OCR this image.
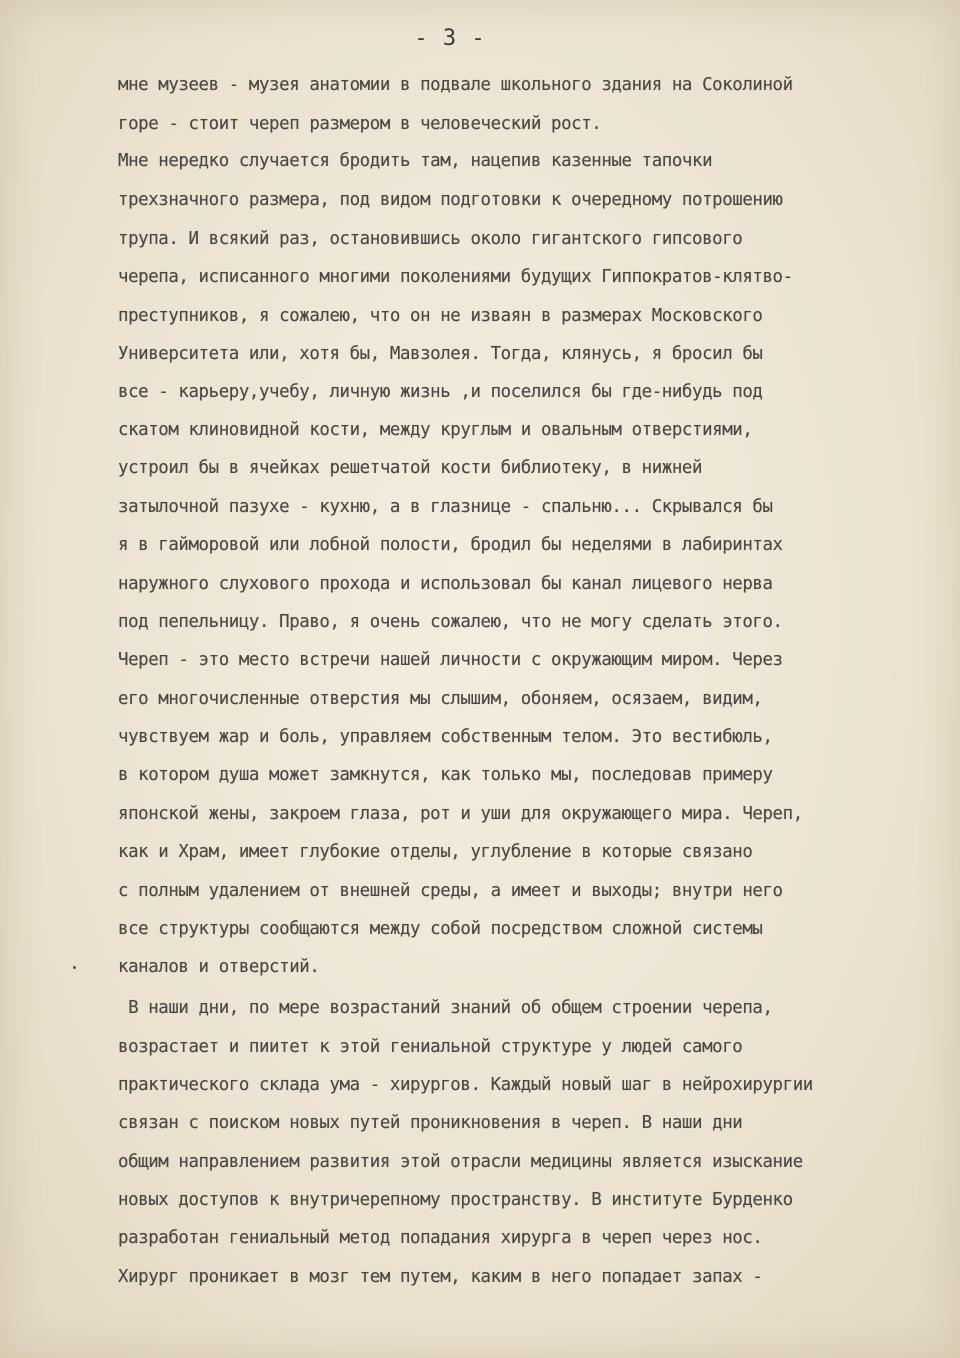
- 3 -
мне музеев - музея анатомии в подвале школьного здания на Соколиной
горе - стоит череп размером в человеческий рост.
Мне нередко случается бродить там, нацепив казенные тапочки
трехзначного размера, под видом подготовки к очередному потрошению
трупа. И всякий раз, остановившись около гигантского гипсового
черепа, исписанного многими поколениями будущих Гиппократов-клятво-
преступников, я сожалею, что он не изваян в размерах Московского
Университета или, хотя бы, Мавзолея. Тогда, клянусь, я бросил бы
все - карьеру,учебу, личную жизнь ,и поселился бы где-нибудь под
скатом клиновидной кости, между круглым и овальным отверстиями,
устроил бы в ячейках решетчатой кости библиотеку, в нижней
затылочной пазухе - кухню, а в глазнице - спальню... Скрывался бы
я в гайморовой или лобной полости, бродил бы неделями в лабиринтах
наружного слухового прохода и использовал бы канал лицевого нерва
под пепельницу. Право, я очень сожалею, что не могу сделать этого.
Череп - это место встречи нашей личности с окружающим миром. Через
его многочисленные отверстия мы слышим, обоняем, осязаем, видим,
чувствуем жар и боль, управляем собственным телом. Это вестибюль,
в котором душа может замкнутся, как только мы, последовав примеру
японской жены, закроем глаза, рот и уши для окружающего мира. Череп,
как и Храм, имеет глубокие отделы, углубление в которые связано
с полным удалением от внешней среды, а имеет и выходы; внутри него
все структуры сообщаются между собой посредством сложной системы
каналов и отверстий.
В наши дни, по мере возрастаний знаний об общем строении черепа,
возрастает и пиитет к этой гениальной структуре у людей самого
практического склада ума - хирургов. Каждый новый шаг в нейрохирургии
связан с поиском новых путей проникновения в череп. В наши дни
общим направлением развития этой отрасли медицины является изыскание
новых доступов к внутричерепному пространству. В институте Бурденко
разработан гениальный метод попадания хирурга в череп через нос.
Хирург проникает в мозг тем путем, каким в него попадает запах -
